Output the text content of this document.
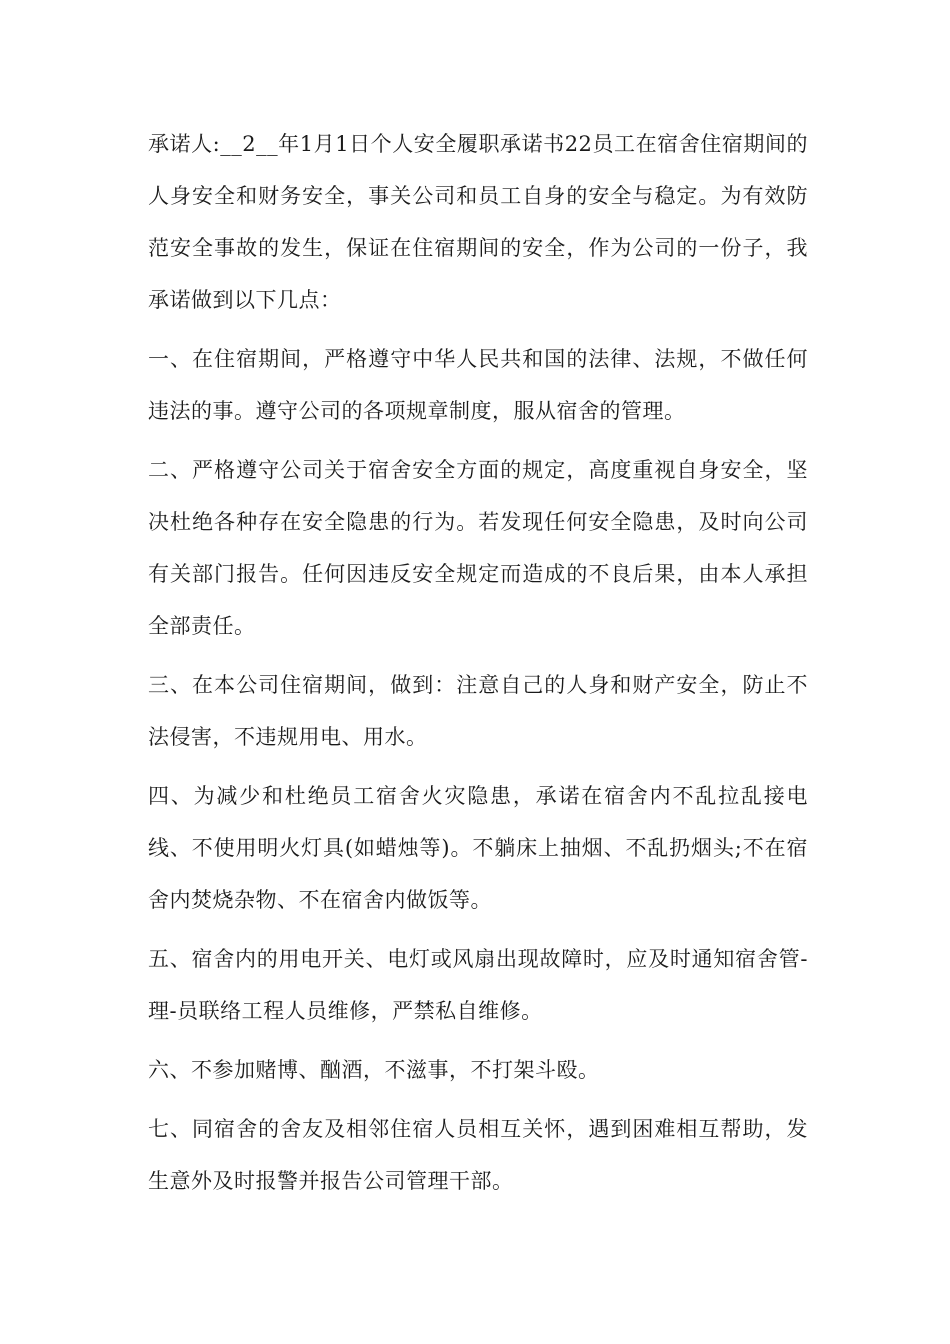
承诺人:__2__年1月1日个人安全履职承诺书22员工在宿舍住宿期间的人身安全和财务安全，事关公司和员工自身的安全与稳定。为有效防范安全事故的发生，保证在住宿期间的安全，作为公司的一份子，我承诺做到以下几点：

一、在住宿期间，严格遵守中华人民共和国的法律、法规，不做任何违法的事。遵守公司的各项规章制度，服从宿舍的管理。

二、严格遵守公司关于宿舍安全方面的规定，高度重视自身安全，坚决杜绝各种存在安全隐患的行为。若发现任何安全隐患，及时向公司有关部门报告。任何因违反安全规定而造成的不良后果，由本人承担全部责任。

三、在本公司住宿期间，做到：注意自己的人身和财产安全，防止不法侵害，不违规用电、用水。

四、为减少和杜绝员工宿舍火灾隐患，承诺在宿舍内不乱拉乱接电线、不使用明火灯具(如蜡烛等)。不躺床上抽烟、不乱扔烟头;不在宿舍内焚烧杂物、不在宿舍内做饭等。

五、宿舍内的用电开关、电灯或风扇出现故障时，应及时通知宿舍管-理-员联络工程人员维修，严禁私自维修。

六、不参加赌博、酗酒，不滋事，不打架斗殴。

七、同宿舍的舍友及相邻住宿人员相互关怀，遇到困难相互帮助，发生意外及时报警并报告公司管理干部。
